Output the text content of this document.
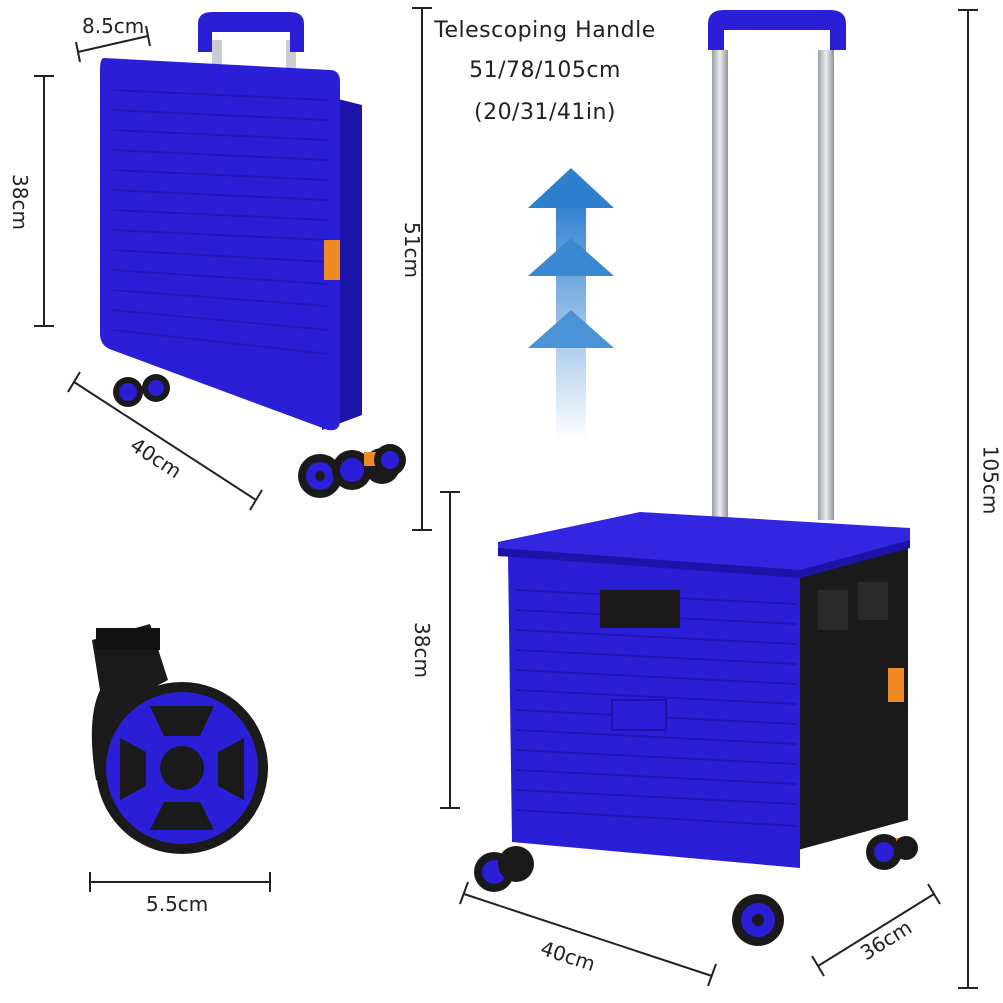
Telescoping Handle
51/78/105cm
(20/31/41in)
8.5cm
38cm
51cm
40cm
5.5cm
38cm
105cm
40cm	36cm
